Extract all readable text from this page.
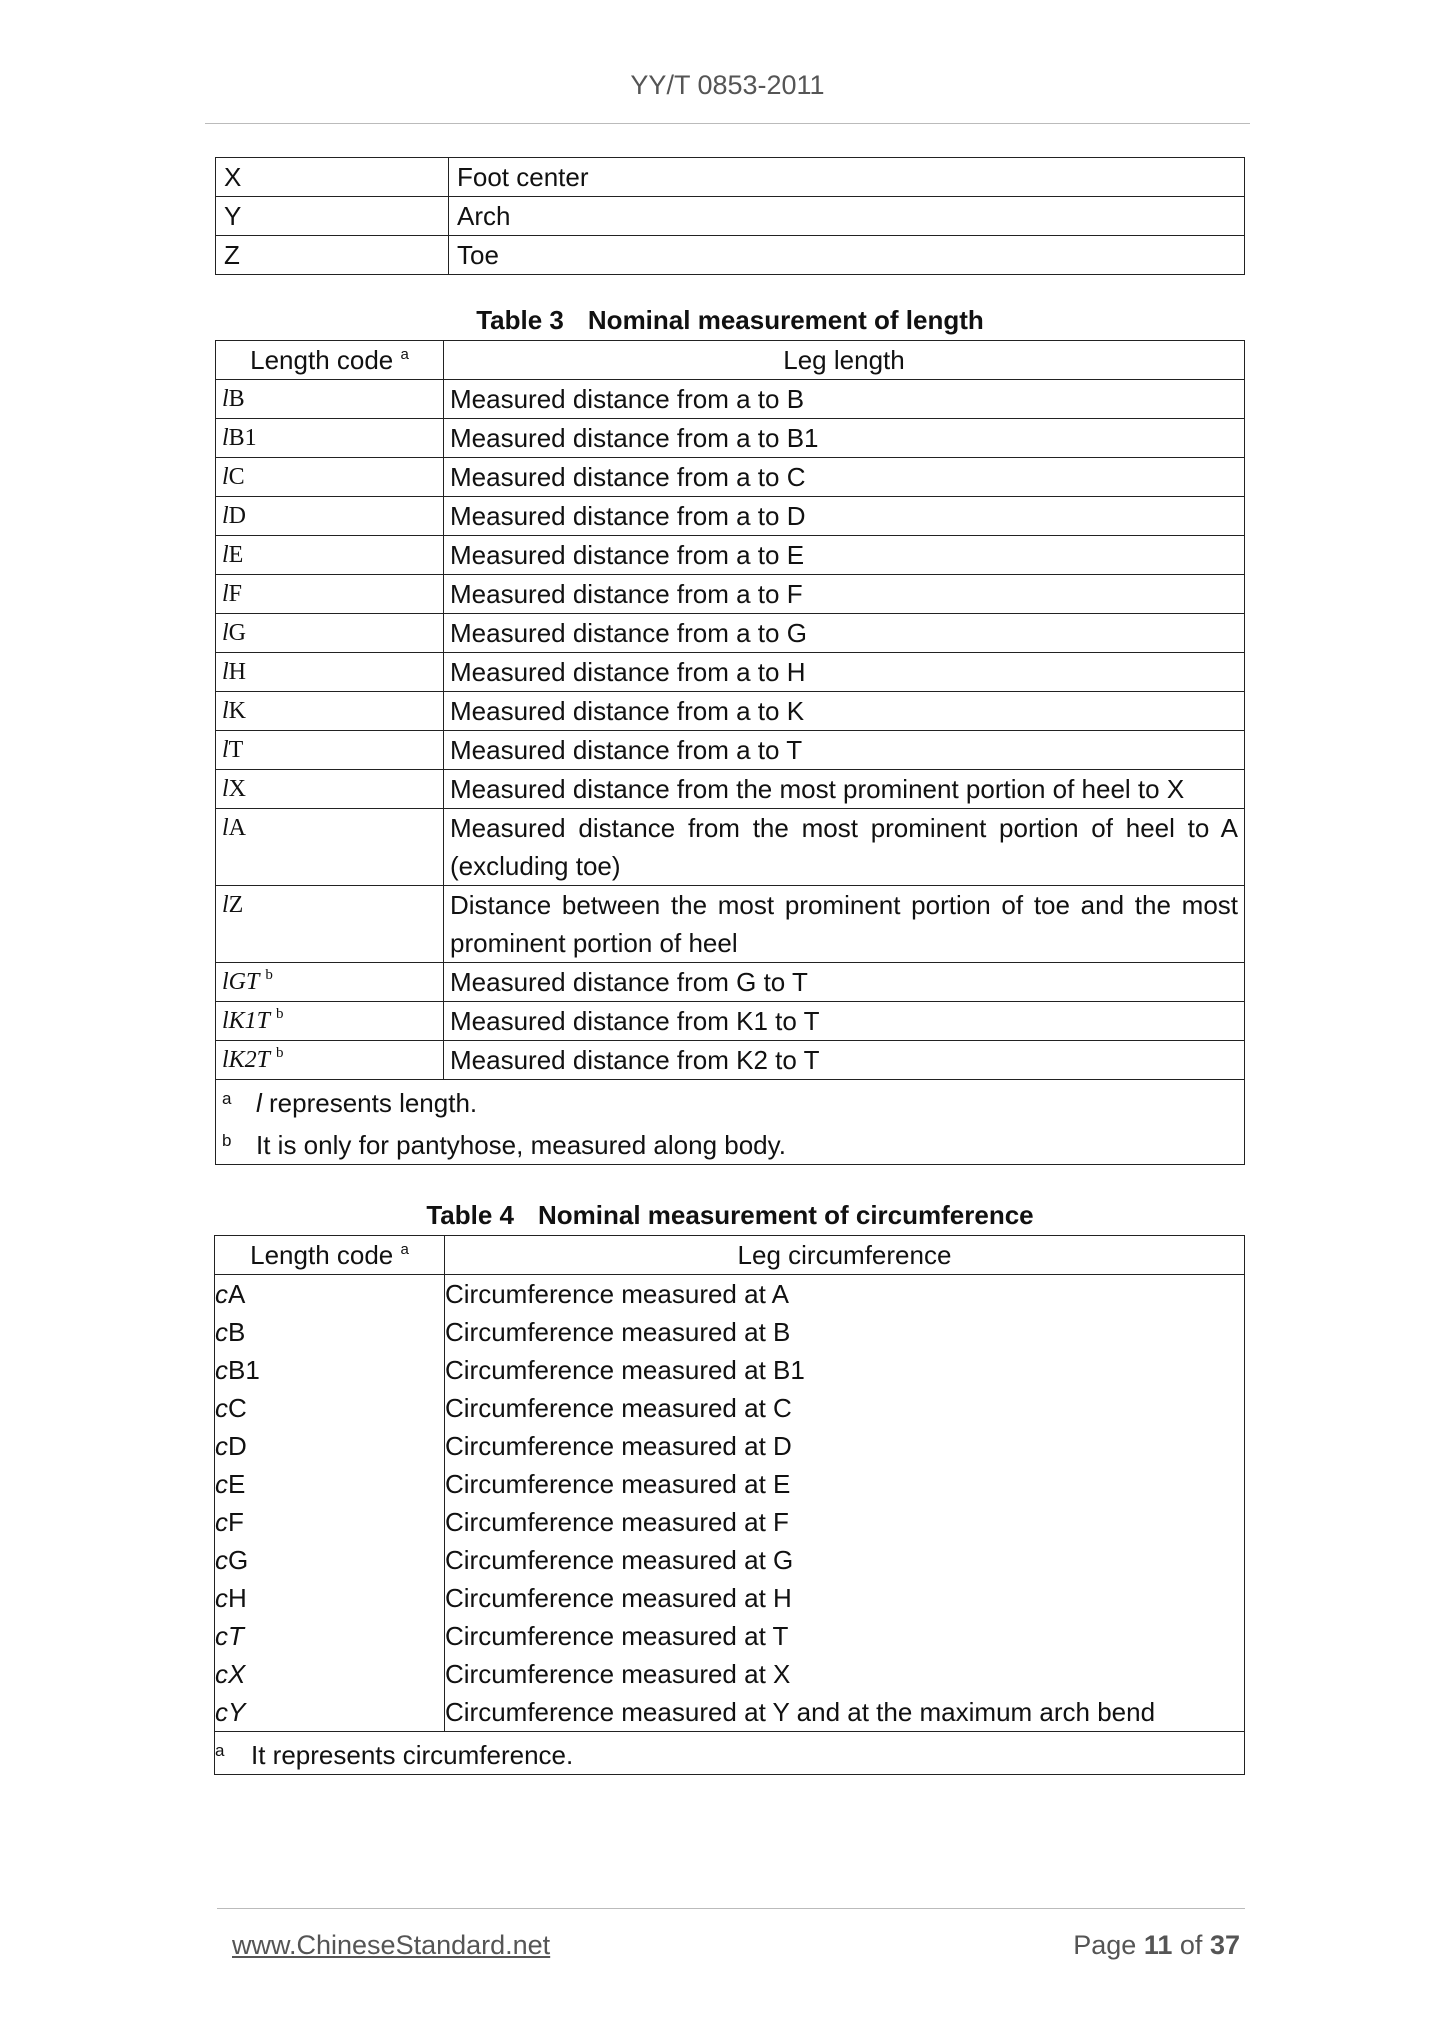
YY/T 0853-2011
X	Foot center
Y	Arch
Z	Toe
Table 3 Nominal measurement of length
Length code $^a$	Leg length
lB	Measured distance from a to B
lB1	Measured distance from a to B1
lC	Measured distance from a to C
lD	Measured distance from a to D
lE	Measured distance from a to E
lF	Measured distance from a to F
lG	Measured distance from a to G
lH	Measured distance from a to H
lK	Measured distance from a to K
lT	Measured distance from a to T
lX	Measured distance from the most prominent portion of heel to X
lA	Measured distance from the most prominent portion of heel to A (excluding toe)
lZ	Distance between the most prominent portion of toe and the most prominent portion of heel
lGT $^b$	Measured distance from G to T
lK1T $^b$	Measured distance from K1 to T
lK2T $^b$	Measured distance from K2 to T

a l represents length.
b It is only for pantyhose, measured along body.	
Table 4 Nominal measurement of circumference
Length code $^a$	Leg circumference
cA	Circumference measured at A
cB	Circumference measured at B
cB1	Circumference measured at B1
cC	Circumference measured at C
cD	Circumference measured at D
cE	Circumference measured at E
cF	Circumference measured at F
cG	Circumference measured at G
cH	Circumference measured at H
cT	Circumference measured at T
cX	Circumference measured at X
cY	Circumference measured at Y and at the maximum arch bend
a It represents circumference.	
www.ChineseStandard.net	Page 11 of 37
